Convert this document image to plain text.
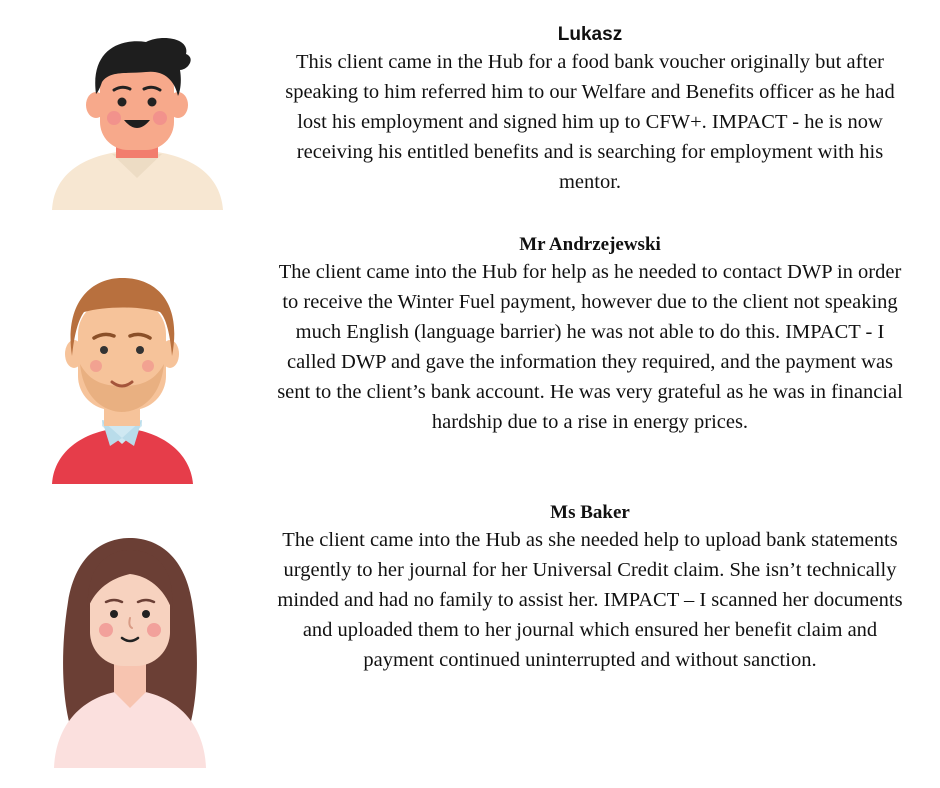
Lukasz

This client came in the Hub for a food bank voucher originally but after speaking to him referred him to our Welfare and Benefits officer as he had lost his employment and signed him up to CFW+. IMPACT - he is now receiving his entitled benefits and is searching for employment with his mentor.

Mr Andrzejewski

The client came into the Hub for help as he needed to contact DWP in order to receive the Winter Fuel payment, however due to the client not speaking much English (language barrier) he was not able to do this. IMPACT - I called DWP and gave the information they required, and the payment was sent to the client’s bank account. He was very grateful as he was in financial hardship due to a rise in energy prices.

Ms Baker

The client came into the Hub as she needed help to upload bank statements urgently to her journal for her Universal Credit claim. She isn’t technically minded and had no family to assist her. IMPACT – I scanned her documents and uploaded them to her journal which ensured her benefit claim and payment continued uninterrupted and without sanction.
